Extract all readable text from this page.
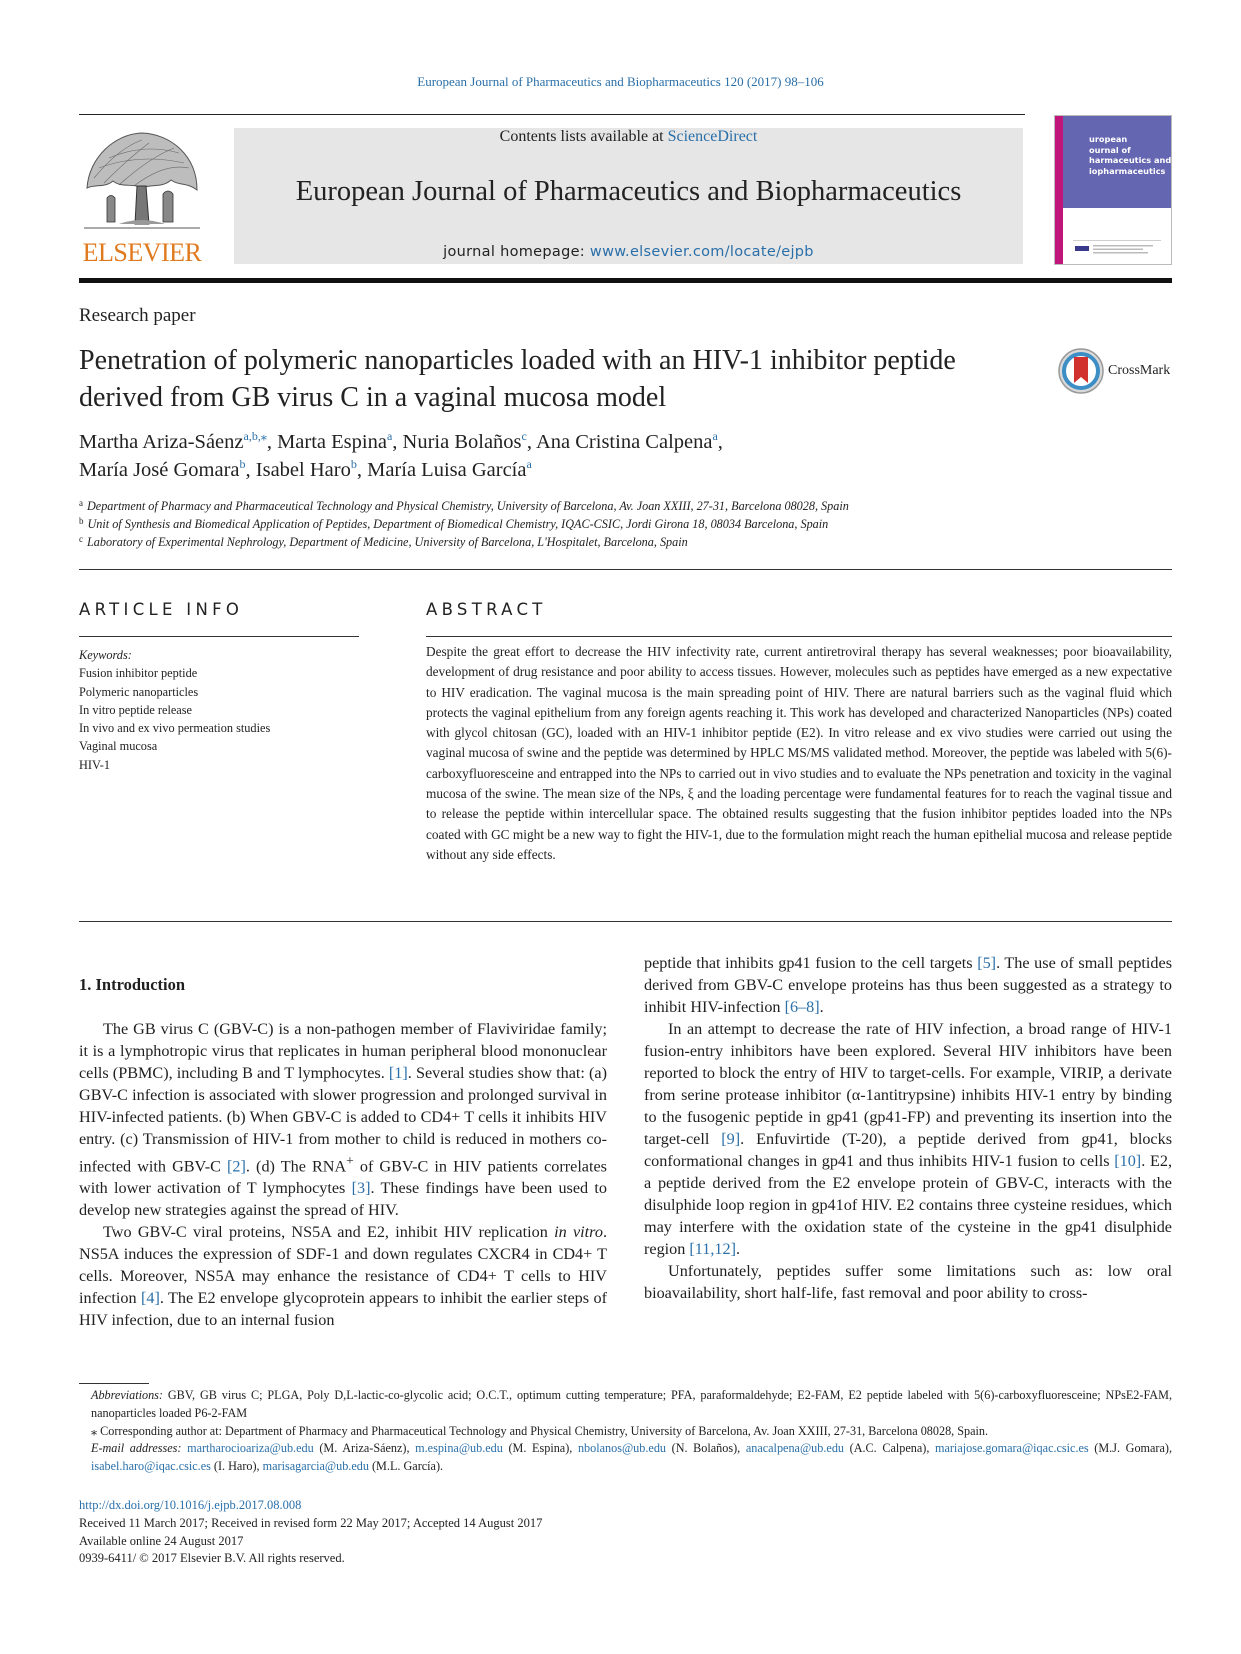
European Journal of Pharmaceutics and Biopharmaceutics 120 (2017) 98–106
ELSEVIER
Contents lists available at ScienceDirect
European Journal of Pharmaceutics and Biopharmaceutics
journal homepage: www.elsevier.com/locate/ejpb
uropean
ournal of
harmaceutics and
iopharmaceutics
Research paper
Penetration of polymeric nanoparticles loaded with an HIV-1 inhibitor peptide derived from GB virus C in a vaginal mucosa model
CrossMark
Martha Ariza-Sáenz$^{a,b,⁎}$, Marta Espina$^a$, Nuria Bolaños$^c$, Ana Cristina Calpena$^a$,
María José Gomara$^b$, Isabel Haro$^b$, María Luisa García$^a$
$^a$ Department of Pharmacy and Pharmaceutical Technology and Physical Chemistry, University of Barcelona, Av. Joan XXIII, 27-31, Barcelona 08028, Spain
$^b$ Unit of Synthesis and Biomedical Application of Peptides, Department of Biomedical Chemistry, IQAC-CSIC, Jordi Girona 18, 08034 Barcelona, Spain
$^c$ Laboratory of Experimental Nephrology, Department of Medicine, University of Barcelona, L'Hospitalet, Barcelona, Spain
ARTICLE INFO
Keywords:
Fusion inhibitor peptide
Polymeric nanoparticles
In vitro peptide release
In vivo and ex vivo permeation studies
Vaginal mucosa
HIV-1
ABSTRACT
Despite the great effort to decrease the HIV infectivity rate, current antiretroviral therapy has several weaknesses; poor bioavailability, development of drug resistance and poor ability to access tissues. However, molecules such as peptides have emerged as a new expectative to HIV eradication. The vaginal mucosa is the main spreading point of HIV. There are natural barriers such as the vaginal fluid which protects the vaginal epithelium from any foreign agents reaching it. This work has developed and characterized Nanoparticles (NPs) coated with glycol chitosan (GC), loaded with an HIV-1 inhibitor peptide (E2). In vitro release and ex vivo studies were carried out using the vaginal mucosa of swine and the peptide was determined by HPLC MS/MS validated method. Moreover, the peptide was labeled with 5(6)-carboxyfluoresceine and entrapped into the NPs to carried out in vivo studies and to evaluate the NPs penetration and toxicity in the vaginal mucosa of the swine. The mean size of the NPs, ξ and the loading percentage were fundamental features for to reach the vaginal tissue and to release the peptide within intercellular space. The obtained results suggesting that the fusion inhibitor peptides loaded into the NPs coated with GC might be a new way to fight the HIV-1, due to the formulation might reach the human epithelial mucosa and release peptide without any side effects.

1. Introduction

The GB virus C (GBV-C) is a non-pathogen member of Flaviviridae family; it is a lymphotropic virus that replicates in human peripheral blood mononuclear cells (PBMC), including B and T lymphocytes. [1]. Several studies show that: (a) GBV-C infection is associated with slower progression and prolonged survival in HIV-infected patients. (b) When GBV-C is added to CD4+ T cells it inhibits HIV entry. (c) Transmission of HIV-1 from mother to child is reduced in mothers co-infected with GBV-C [2]. (d) The RNA+ of GBV-C in HIV patients correlates with lower activation of T lymphocytes [3]. These findings have been used to develop new strategies against the spread of HIV.

Two GBV-C viral proteins, NS5A and E2, inhibit HIV replication in vitro. NS5A induces the expression of SDF-1 and down regulates CXCR4 in CD4+ T cells. Moreover, NS5A may enhance the resistance of CD4+ T cells to HIV infection [4]. The E2 envelope glycoprotein appears to inhibit the earlier steps of HIV infection, due to an internal fusion

peptide that inhibits gp41 fusion to the cell targets [5]. The use of small peptides derived from GBV-C envelope proteins has thus been suggested as a strategy to inhibit HIV-infection [6–8].

In an attempt to decrease the rate of HIV infection, a broad range of HIV-1 fusion-entry inhibitors have been explored. Several HIV inhibitors have been reported to block the entry of HIV to target-cells. For example, VIRIP, a derivate from serine protease inhibitor (α-1antitrypsine) inhibits HIV-1 entry by binding to the fusogenic peptide in gp41 (gp41-FP) and preventing its insertion into the target-cell [9]. Enfuvirtide (T-20), a peptide derived from gp41, blocks conformational changes in gp41 and thus inhibits HIV-1 fusion to cells [10]. E2, a peptide derived from the E2 envelope protein of GBV-C, interacts with the disulphide loop region in gp41of HIV. E2 contains three cysteine residues, which may interfere with the oxidation state of the cysteine in the gp41 disulphide region [11,12].

Unfortunately, peptides suffer some limitations such as: low oral bioavailability, short half-life, fast removal and poor ability to cross-

Abbreviations: GBV, GB virus C; PLGA, Poly D,L-lactic-co-glycolic acid; O.C.T., optimum cutting temperature; PFA, paraformaldehyde; E2-FAM, E2 peptide labeled with 5(6)-carboxyfluoresceine; NPsE2-FAM, nanoparticles loaded P6-2-FAM

⁎ Corresponding author at: Department of Pharmacy and Pharmaceutical Technology and Physical Chemistry, University of Barcelona, Av. Joan XXIII, 27-31, Barcelona 08028, Spain.

E-mail addresses: martharocioariza@ub.edu (M. Ariza-Sáenz), m.espina@ub.edu (M. Espina), nbolanos@ub.edu (N. Bolaños), anacalpena@ub.edu (A.C. Calpena), mariajose.gomara@iqac.csic.es (M.J. Gomara), isabel.haro@iqac.csic.es (I. Haro), marisagarcia@ub.edu (M.L. García).

http://dx.doi.org/10.1016/j.ejpb.2017.08.008

Received 11 March 2017; Received in revised form 22 May 2017; Accepted 14 August 2017

Available online 24 August 2017

0939-6411/ © 2017 Elsevier B.V. All rights reserved.
